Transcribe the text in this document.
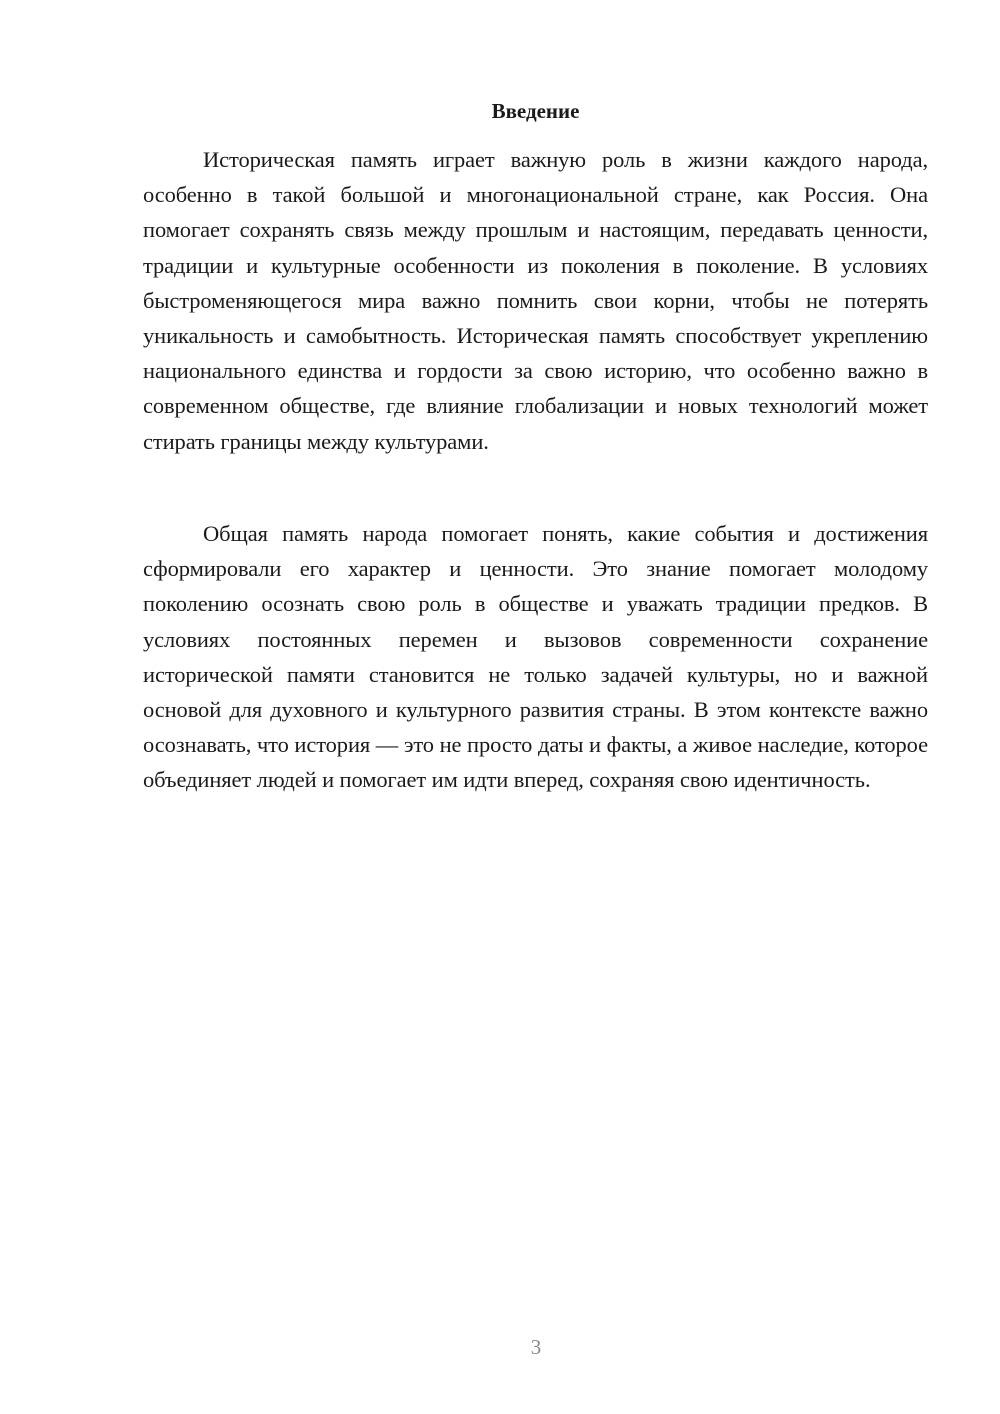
Введение

Историческая память играет важную роль в жизни каждого народа, особенно в такой большой и многонациональной стране, как Россия. Она помогает сохранять связь между прошлым и настоящим, передавать ценности, традиции и культурные особенности из поколения в поколение. В условиях быстроменяющегося мира важно помнить свои корни, чтобы не потерять уникальность и самобытность. Историческая память способствует укреплению национального единства и гордости за свою историю, что особенно важно в современном обществе, где влияние глобализации и новых технологий может стирать границы между культурами.

Общая память народа помогает понять, какие события и достижения сформировали его характер и ценности. Это знание помогает молодому поколению осознать свою роль в обществе и уважать традиции предков. В условиях постоянных перемен и вызовов современности сохранение исторической памяти становится не только задачей культуры, но и важной основой для духовного и культурного развития страны. В этом контексте важно осознавать, что история — это не просто даты и факты, а живое наследие, которое объединяет людей и помогает им идти вперед, сохраняя свою идентичность.

3
